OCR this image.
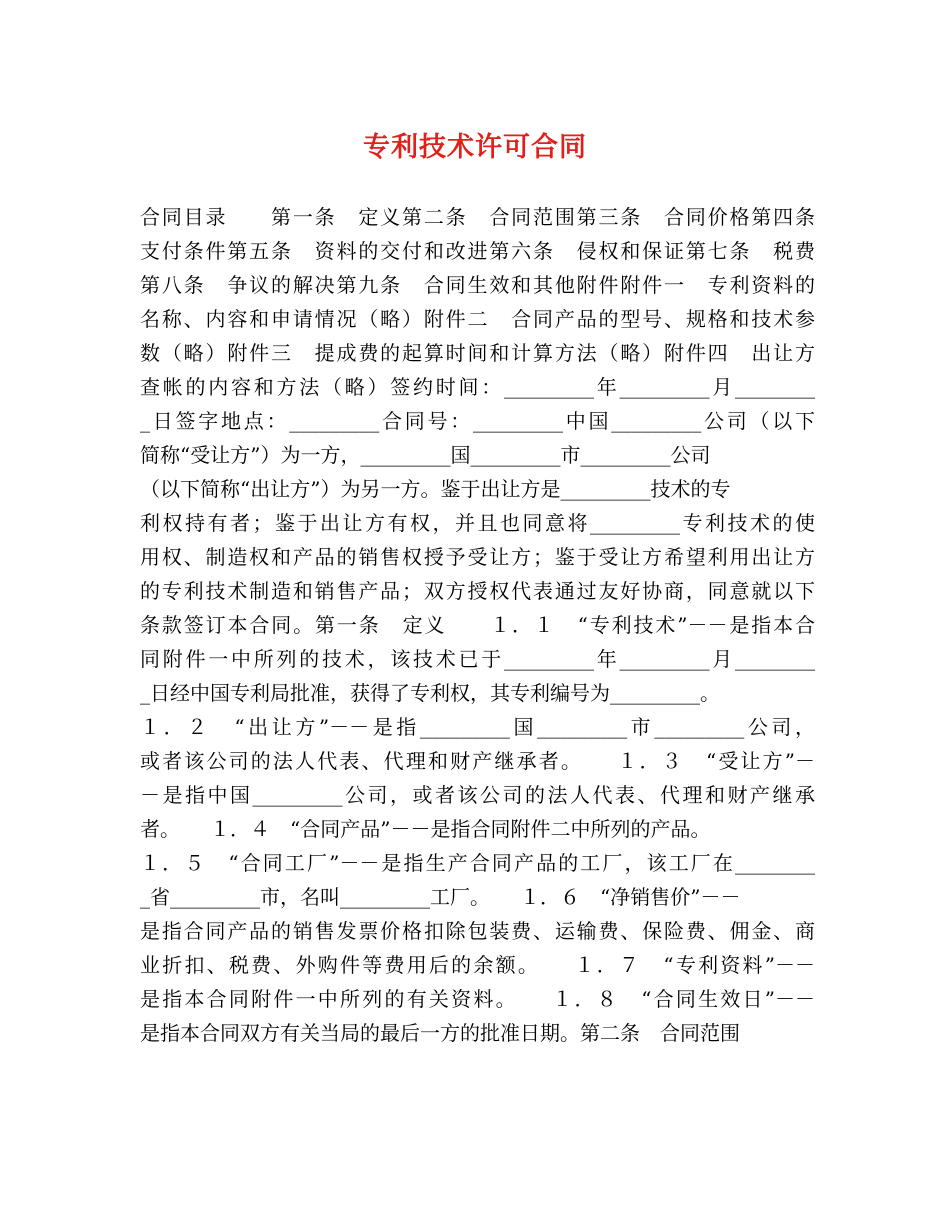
专利技术许可合同
合同目录　　第一条　定义第二条　合同范围第三条　合同价格第四条
支付条件第五条　资料的交付和改进第六条　侵权和保证第七条　税费
第八条　争议的解决第九条　合同生效和其他附件附件一　专利资料的
名称、内容和申请情况（略）附件二　合同产品的型号、规格和技术参
数（略）附件三　提成费的起算时间和计算方法（略）附件四　出让方
查帐的内容和方法（略）签约时间：_________年_________月________
_日签字地点：_________合同号：_________中国_________公司（以下
简称“受让方”）为一方，_________国_________市_________公司
（以下简称“出让方”）为另一方。鉴于出让方是_________技术的专
利权持有者；鉴于出让方有权，并且也同意将_________专利技术的使
用权、制造权和产品的销售权授予受让方；鉴于受让方希望利用出让方
的专利技术制造和销售产品；双方授权代表通过友好协商，同意就以下
条款签订本合同。第一条　定义　　１．１　“专利技术”－－是指本合
同附件一中所列的技术，该技术已于_________年_________月________
_日经中国专利局批准，获得了专利权，其专利编号为_________。
１．２　“出让方”－－是指_________国_________市_________公司，
或者该公司的法人代表、代理和财产继承者。　　１．３　“受让方”－
－是指中国_________公司，或者该公司的法人代表、代理和财产继承
者。　　１．４　“合同产品”－－是指合同附件二中所列的产品。
１．５　“合同工厂”－－是指生产合同产品的工厂，该工厂在________
_省_________市，名叫_________工厂。　　１．６　“净销售价”－－
是指合同产品的销售发票价格扣除包装费、运输费、保险费、佣金、商
业折扣、税费、外购件等费用后的余额。　　１．７　“专利资料”－－
是指本合同附件一中所列的有关资料。　　１．８　“合同生效日”－－
是指本合同双方有关当局的最后一方的批准日期。第二条　合同范围
